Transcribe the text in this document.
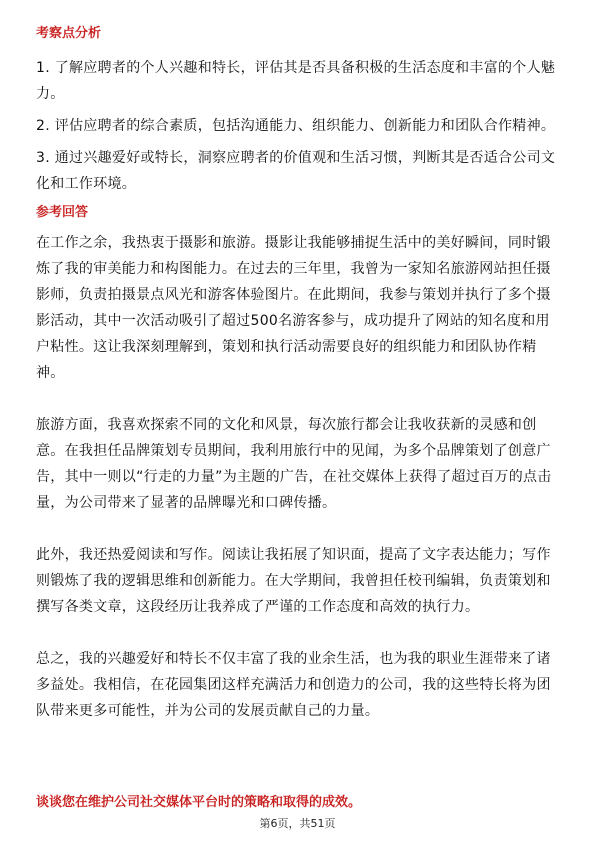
考察点分析
1. 了解应聘者的个人兴趣和特长，评估其是否具备积极的生活态度和丰富的个人魅力。
2. 评估应聘者的综合素质，包括沟通能力、组织能力、创新能力和团队合作精神。
3. 通过兴趣爱好或特长，洞察应聘者的价值观和生活习惯，判断其是否适合公司文化和工作环境。
参考回答

在工作之余，我热衷于摄影和旅游。摄影让我能够捕捉生活中的美好瞬间，同时锻炼了我的审美能力和构图能力。在过去的三年里，我曾为一家知名旅游网站担任摄影师，负责拍摄景点风光和游客体验图片。在此期间，我参与策划并执行了多个摄影活动，其中一次活动吸引了超过500名游客参与，成功提升了网站的知名度和用户粘性。这让我深刻理解到，策划和执行活动需要良好的组织能力和团队协作精神。

旅游方面，我喜欢探索不同的文化和风景，每次旅行都会让我收获新的灵感和创意。在我担任品牌策划专员期间，我利用旅行中的见闻，为多个品牌策划了创意广告，其中一则以“行走的力量”为主题的广告，在社交媒体上获得了超过百万的点击量，为公司带来了显著的品牌曝光和口碑传播。

此外，我还热爱阅读和写作。阅读让我拓展了知识面，提高了文字表达能力；写作则锻炼了我的逻辑思维和创新能力。在大学期间，我曾担任校刊编辑，负责策划和撰写各类文章，这段经历让我养成了严谨的工作态度和高效的执行力。

总之，我的兴趣爱好和特长不仅丰富了我的业余生活，也为我的职业生涯带来了诸多益处。我相信，在花园集团这样充满活力和创造力的公司，我的这些特长将为团队带来更多可能性，并为公司的发展贡献自己的力量。

谈谈您在维护公司社交媒体平台时的策略和取得的成效。
第6页，共51页
